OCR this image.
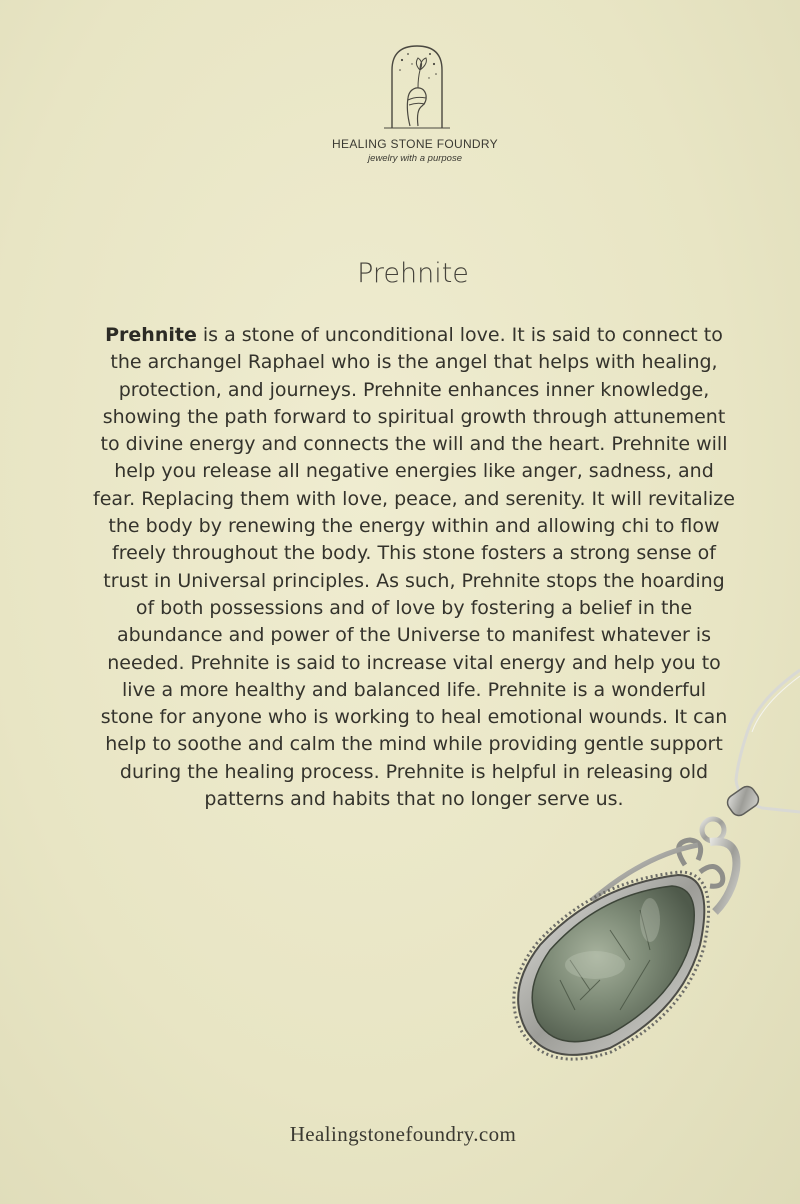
HEALING STONE FOUNDRY
jewelry with a purpose
Prehnite
Prehnite is a stone of unconditional love. It is said to connect to
the archangel Raphael who is the angel that helps with healing,
protection, and journeys. Prehnite enhances inner knowledge,
showing the path forward to spiritual growth through attunement
to divine energy and connects the will and the heart. Prehnite will
help you release all negative energies like anger, sadness, and
fear. Replacing them with love, peace, and serenity. It will revitalize
the body by renewing the energy within and allowing chi to flow
freely throughout the body. This stone fosters a strong sense of
trust in Universal principles. As such, Prehnite stops the hoarding
of both possessions and of love by fostering a belief in the
abundance and power of the Universe to manifest whatever is
needed. Prehnite is said to increase vital energy and help you to
live a more healthy and balanced life. Prehnite is a wonderful
stone for anyone who is working to heal emotional wounds. It can
help to soothe and calm the mind while providing gentle support
during the healing process. Prehnite is helpful in releasing old
patterns and habits that no longer serve us.
Healingstonefoundry.com
